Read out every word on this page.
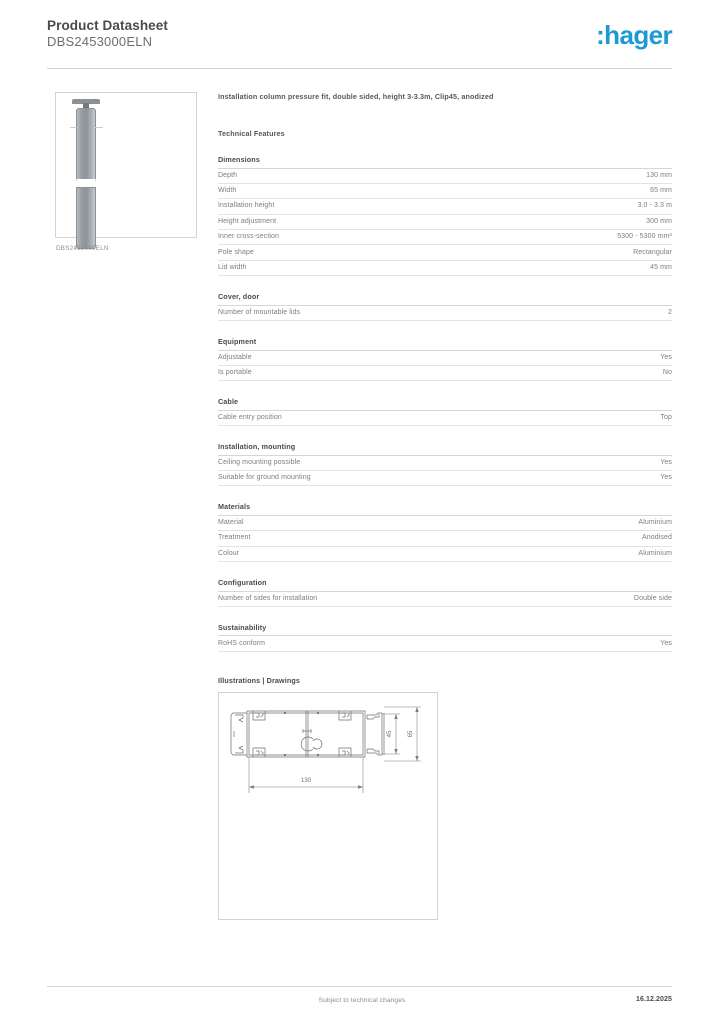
Product Datasheet
DBS2453000ELN	:hager
DBS2453000ELN
Installation column pressure fit, double sided, height 3-3.3m, Clip45, anodized
Technical Features
Dimensions
Depth	130 mm
Width	65 mm
Installation height	3.0 - 3.3 m
Height adjustment	300 mm
Inner cross-section	5300 - 5300 mm²
Pole shape	Rectangular
Lid width	45 mm
Cover, door
Number of mountable lids	2
Equipment
Adjustable	Yes
Is portable	No
Cable
Cable entry position	Top
Installation, mounting
Ceiling mounting possible	Yes
Suitable for ground mounting	Yes
Materials
Material	Aluminium
Treatment	Anodised
Colour	Aluminium
Configuration
Number of sides for installation	Double side
Sustainability
RoHS conform	Yes
Illustrations | Drawings
130
45	65
Subject to technical changes	16.12.2025
